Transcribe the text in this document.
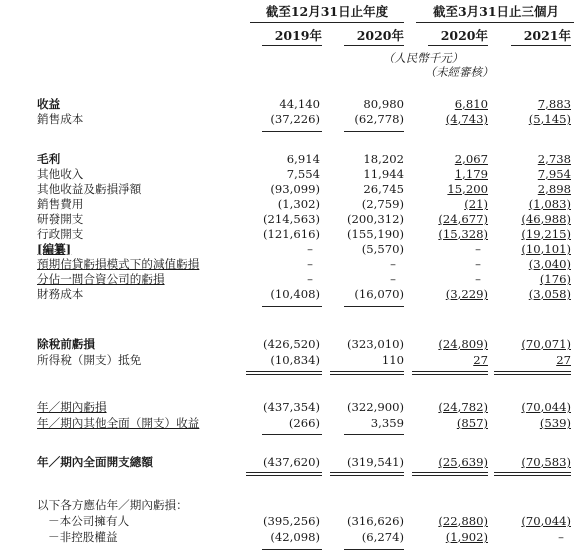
截至12月31日止年度	截至3月31日止三個月
2019年	2020年	2020年	2021年
（人民幣千元）
（未經審核）
收益	44,140	80,980	6,810	7,883
銷售成本	(37,226)	(62,778)	(4,743)	(5,145)
毛利	6,914	18,202	2,067	2,738
其他收入	7,554	11,944	1,179	7,954
其他收益及虧損淨額	(93,099)	26,745	15,200	2,898
銷售費用	(1,302)	(2,759)	(21)	(1,083)
研發開支	(214,563)	(200,312)	(24,677)	(46,988)
行政開支	(121,616)	(155,190)	(15,328)	(19,215)
[編纂]	–	(5,570)	–	(10,101)
預期信貸虧損模式下的減值虧損	–	–	–	(3,040)
分佔一間合資公司的虧損	–	–	–	(176)
財務成本	(10,408)	(16,070)	(3,229)	(3,058)
除稅前虧損	(426,520)	(323,010)	(24,809)	(70,071)
所得稅（開支）抵免	(10,834)	110	27	27
年／期內虧損	(437,354)	(322,900)	(24,782)	(70,044)
年／期內其他全面（開支）收益	(266)	3,359	(857)	(539)
年／期內全面開支總額	(437,620)	(319,541)	(25,639)	(70,583)
以下各方應佔年／期內虧損：
－本公司擁有人	(395,256)	(316,626)	(22,880)	(70,044)
－非控股權益	(42,098)	(6,274)	(1,902)	–
